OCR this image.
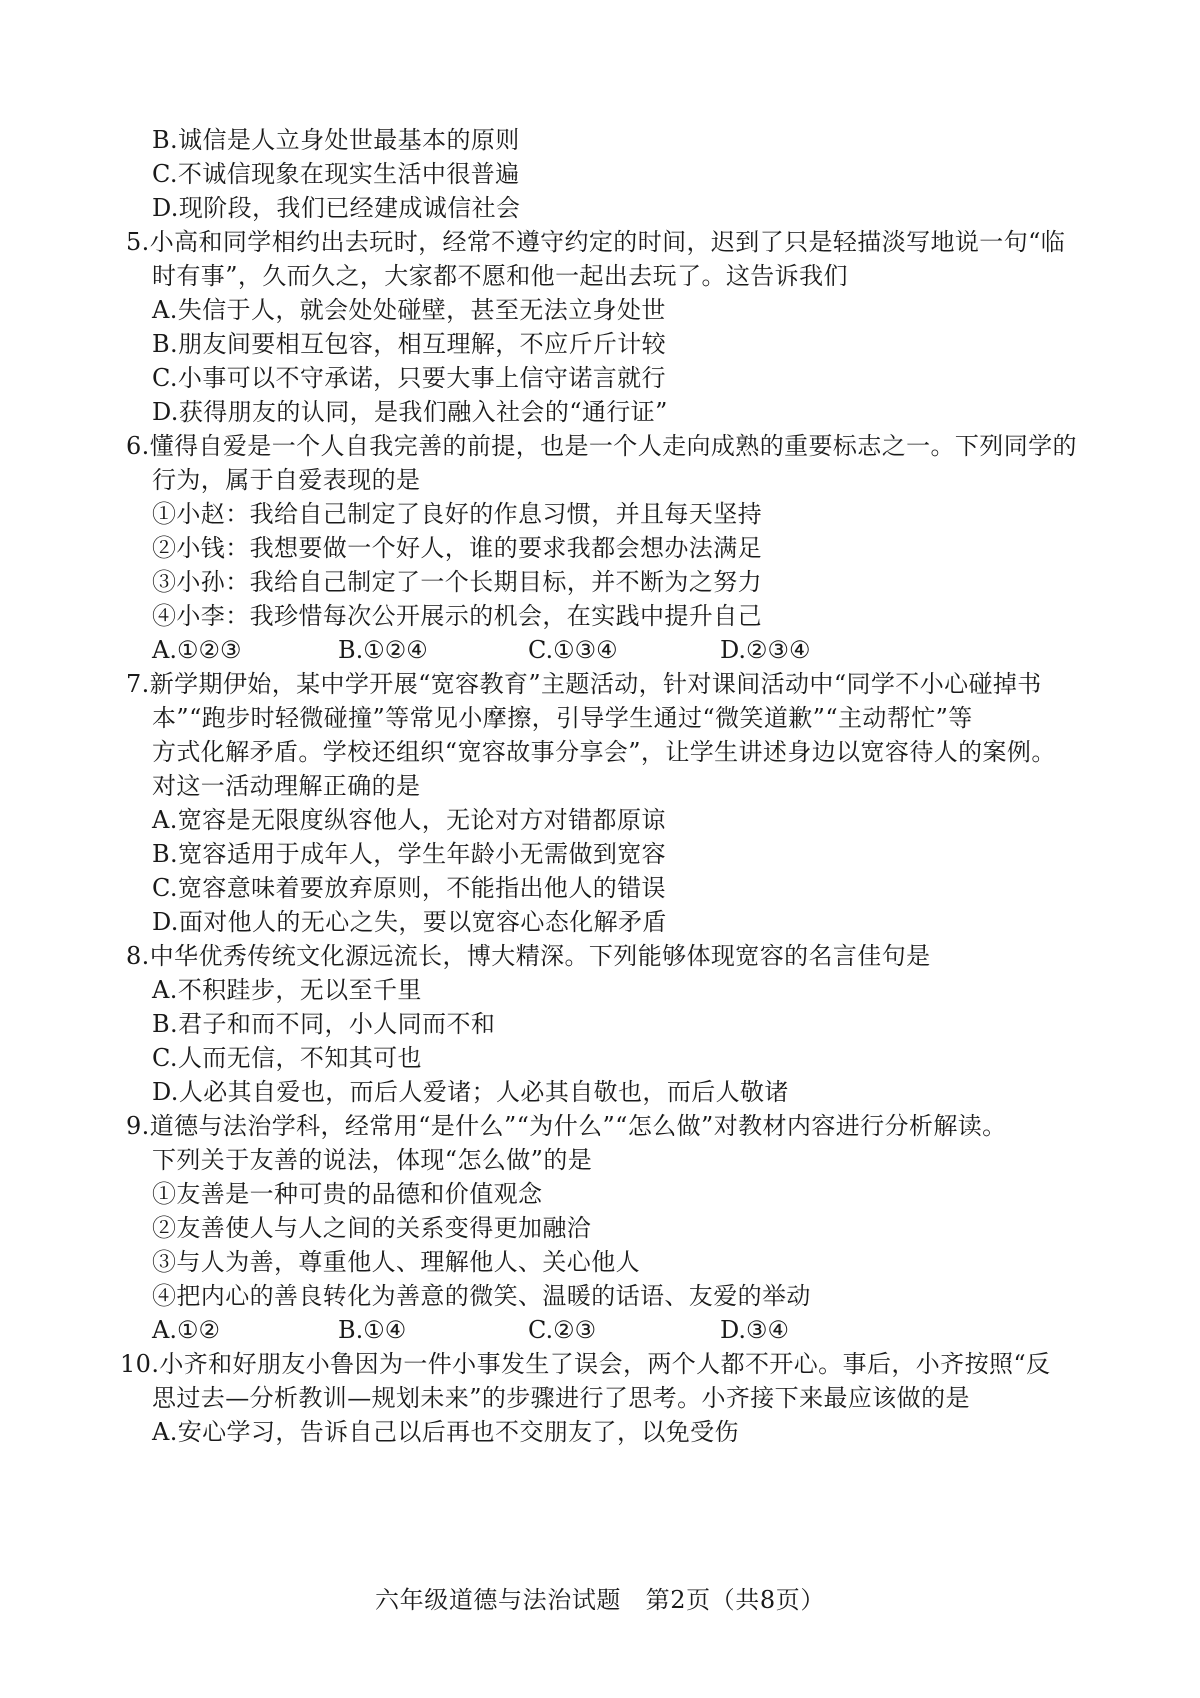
B.诚信是人立身处世最基本的原则
C.不诚信现象在现实生活中很普遍
D.现阶段，我们已经建成诚信社会
5.小高和同学相约出去玩时，经常不遵守约定的时间，迟到了只是轻描淡写地说一句“临
时有事”，久而久之，大家都不愿和他一起出去玩了。这告诉我们
A.失信于人，就会处处碰壁，甚至无法立身处世
B.朋友间要相互包容，相互理解，不应斤斤计较
C.小事可以不守承诺，只要大事上信守诺言就行
D.获得朋友的认同，是我们融入社会的“通行证”
6.懂得自爱是一个人自我完善的前提，也是一个人走向成熟的重要标志之一。下列同学的
行为，属于自爱表现的是
①小赵：我给自己制定了良好的作息习惯，并且每天坚持
②小钱：我想要做一个好人，谁的要求我都会想办法满足
③小孙：我给自己制定了一个长期目标，并不断为之努力
④小李：我珍惜每次公开展示的机会，在实践中提升自己
A.①②③	B.①②④	C.①③④	D.②③④
7.新学期伊始，某中学开展“宽容教育”主题活动，针对课间活动中“同学不小心碰掉书
本”“跑步时轻微碰撞”等常见小摩擦，引导学生通过“微笑道歉”“主动帮忙”等
方式化解矛盾。学校还组织“宽容故事分享会”，让学生讲述身边以宽容待人的案例。
对这一活动理解正确的是
A.宽容是无限度纵容他人，无论对方对错都原谅
B.宽容适用于成年人，学生年龄小无需做到宽容
C.宽容意味着要放弃原则，不能指出他人的错误
D.面对他人的无心之失，要以宽容心态化解矛盾
8.中华优秀传统文化源远流长，博大精深。下列能够体现宽容的名言佳句是
A.不积跬步，无以至千里
B.君子和而不同，小人同而不和
C.人而无信，不知其可也
D.人必其自爱也，而后人爱诸；人必其自敬也，而后人敬诸
9.道德与法治学科，经常用“是什么”“为什么”“怎么做”对教材内容进行分析解读。
下列关于友善的说法，体现“怎么做”的是
①友善是一种可贵的品德和价值观念
②友善使人与人之间的关系变得更加融洽
③与人为善，尊重他人、理解他人、关心他人
④把内心的善良转化为善意的微笑、温暖的话语、友爱的举动
A.①②	B.①④	C.②③	D.③④
10.小齐和好朋友小鲁因为一件小事发生了误会，两个人都不开心。事后，小齐按照“反
思过去—分析教训—规划未来”的步骤进行了思考。小齐接下来最应该做的是
A.安心学习，告诉自己以后再也不交朋友了，以免受伤
六年级道德与法治试题　第2页（共8页）
